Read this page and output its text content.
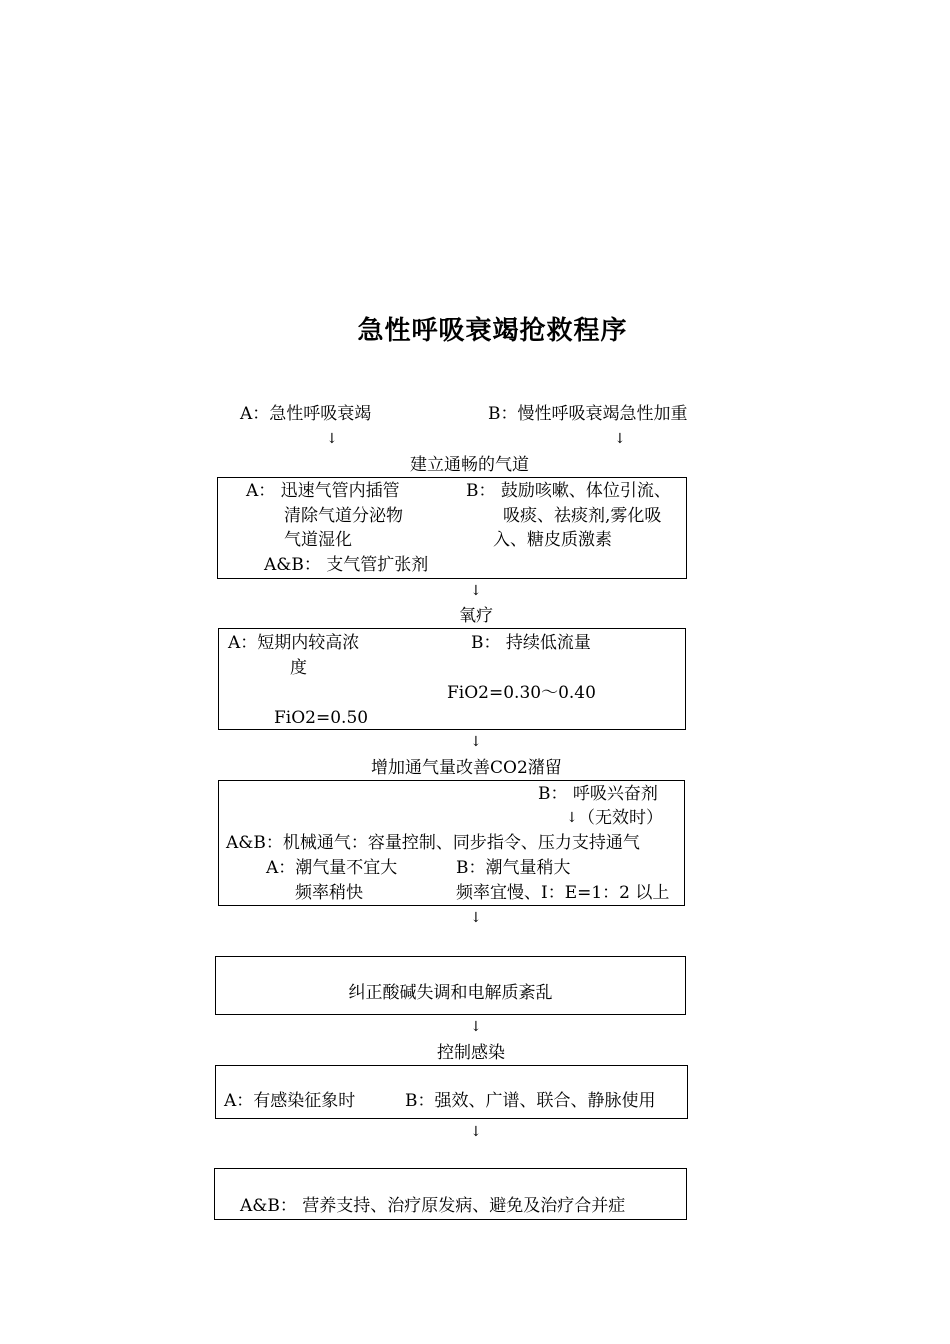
急性呼吸衰竭抢救程序
A：急性呼吸衰竭	B：慢性呼吸衰竭急性加重
↓	↓
建立通畅的气道
A： 迅速气管内插管
清除气道分泌物
气道湿化
B： 鼓励咳嗽、体位引流、
吸痰、祛痰剂,雾化吸
入、糖皮质激素
A&B： 支气管扩张剂
↓
氧疗
A：短期内较高浓
度
B： 持续低流量
FiO2=0.30～0.40
FiO2=0.50
↓
增加通气量改善CO2潴留
B： 呼吸兴奋剂
↓ （无效时）
A&B：机械通气：容量控制、同步指令、压力支持通气
A：潮气量不宜大
频率稍快
B：潮气量稍大
频率宜慢、I：E=1：2 以上
↓
纠正酸碱失调和电解质紊乱
↓
控制感染
A：有感染征象时	B：强效、广谱、联合、静脉使用
↓
A&B： 营养支持、治疗原发病、避免及治疗合并症
